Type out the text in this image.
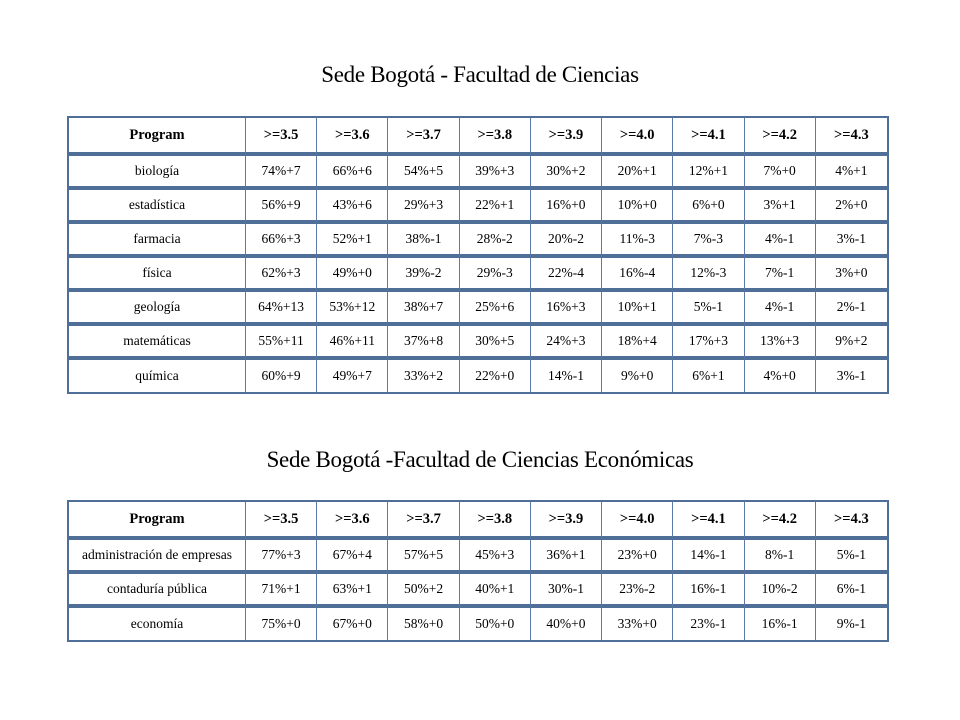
Sede Bogotá - Facultad de Ciencias
Program	>=3.5	>=3.6	>=3.7	>=3.8	>=3.9	>=4.0	>=4.1	>=4.2	>=4.3
biología	74%+7	66%+6	54%+5	39%+3	30%+2	20%+1	12%+1	7%+0	4%+1
estadística	56%+9	43%+6	29%+3	22%+1	16%+0	10%+0	6%+0	3%+1	2%+0
farmacia	66%+3	52%+1	38%-1	28%-2	20%-2	11%-3	7%-3	4%-1	3%-1
física	62%+3	49%+0	39%-2	29%-3	22%-4	16%-4	12%-3	7%-1	3%+0
geología	64%+13	53%+12	38%+7	25%+6	16%+3	10%+1	5%-1	4%-1	2%-1
matemáticas	55%+11	46%+11	37%+8	30%+5	24%+3	18%+4	17%+3	13%+3	9%+2
química	60%+9	49%+7	33%+2	22%+0	14%-1	9%+0	6%+1	4%+0	3%-1
Sede Bogotá -Facultad de Ciencias Económicas
Program	>=3.5	>=3.6	>=3.7	>=3.8	>=3.9	>=4.0	>=4.1	>=4.2	>=4.3
administración de empresas	77%+3	67%+4	57%+5	45%+3	36%+1	23%+0	14%-1	8%-1	5%-1
contaduría pública	71%+1	63%+1	50%+2	40%+1	30%-1	23%-2	16%-1	10%-2	6%-1
economía	75%+0	67%+0	58%+0	50%+0	40%+0	33%+0	23%-1	16%-1	9%-1
